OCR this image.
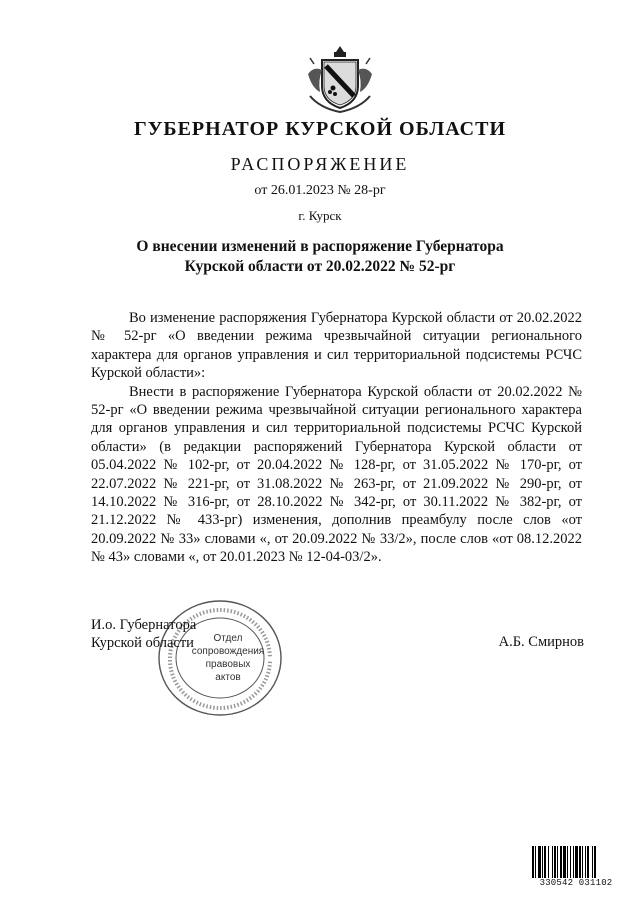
ГУБЕРНАТОР КУРСКОЙ ОБЛАСТИ
РАСПОРЯЖЕНИЕ
от 26.01.2023 № 28-рг
г. Курск
О внесении изменений в распоряжение Губернатора
Курской области от 20.02.2022 № 52-рг

Во изменение распоряжения Губернатора Курской области от 20.02.2022 № 52-рг «О введении режима чрезвычайной ситуации регионального характера для органов управления и сил территориальной подсистемы РСЧС Курской области»:

Внести в распоряжение Губернатора Курской области от 20.02.2022 № 52-рг «О введении режима чрезвычайной ситуации регионального характера для органов управления и сил территориальной подсистемы РСЧС Курской области» (в редакции распоряжений Губернатора Курской области от 05.04.2022 № 102-рг, от 20.04.2022 № 128-рг, от 31.05.2022 № 170-рг, от 22.07.2022 № 221-рг, от 31.08.2022 № 263-рг, от 21.09.2022 № 290-рг, от 14.10.2022 № 316-рг, от 28.10.2022 № 342-рг, от 30.11.2022 № 382-рг, от 21.12.2022 № 433-рг) изменения, дополнив преамбулу после слов «от 20.09.2022 № 33» словами «, от 20.09.2022 № 33/2», после слов «от 08.12.2022 № 43» словами «, от 20.01.2023 № 12-04-03/2».

Отдел
сопровождения
правовых
актов
И.о. Губернатора
Курской области	А.Б. Смирнов
330542 031102
